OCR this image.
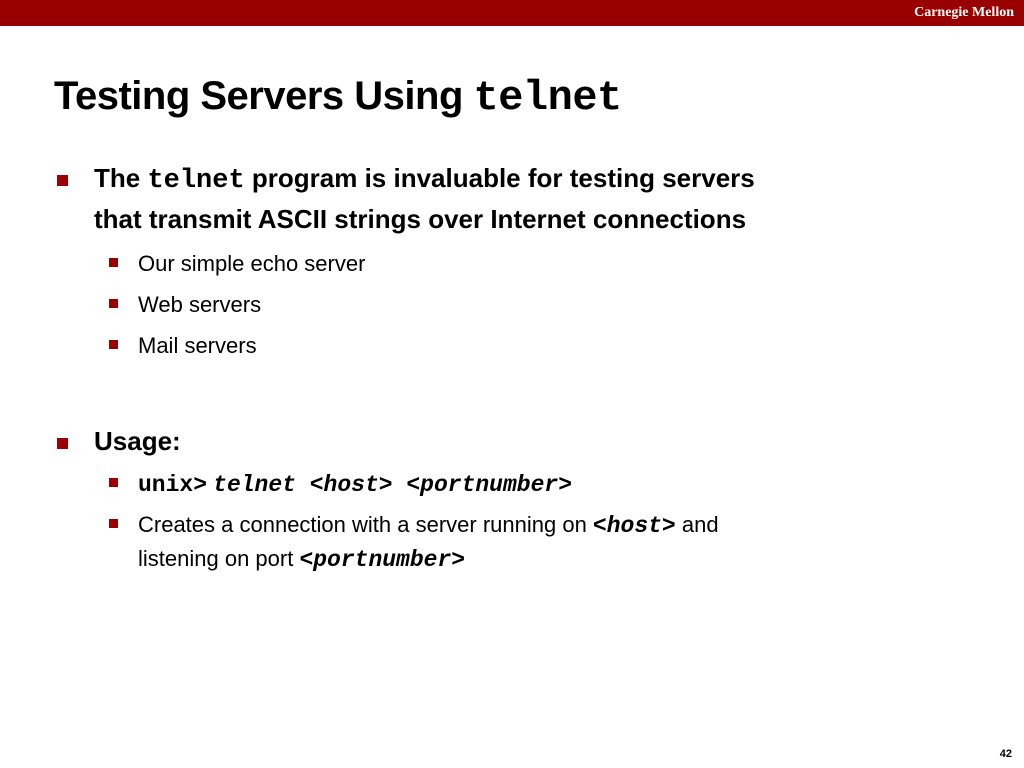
Carnegie Mellon
Testing Servers Using telnet
The telnet program is invaluable for testing servers
that transmit ASCII strings over Internet connections
Our simple echo server
Web servers
Mail servers
Usage:
unix> telnet <host> <portnumber>
Creates a connection with a server running on <host> and
listening on port <portnumber>
42
